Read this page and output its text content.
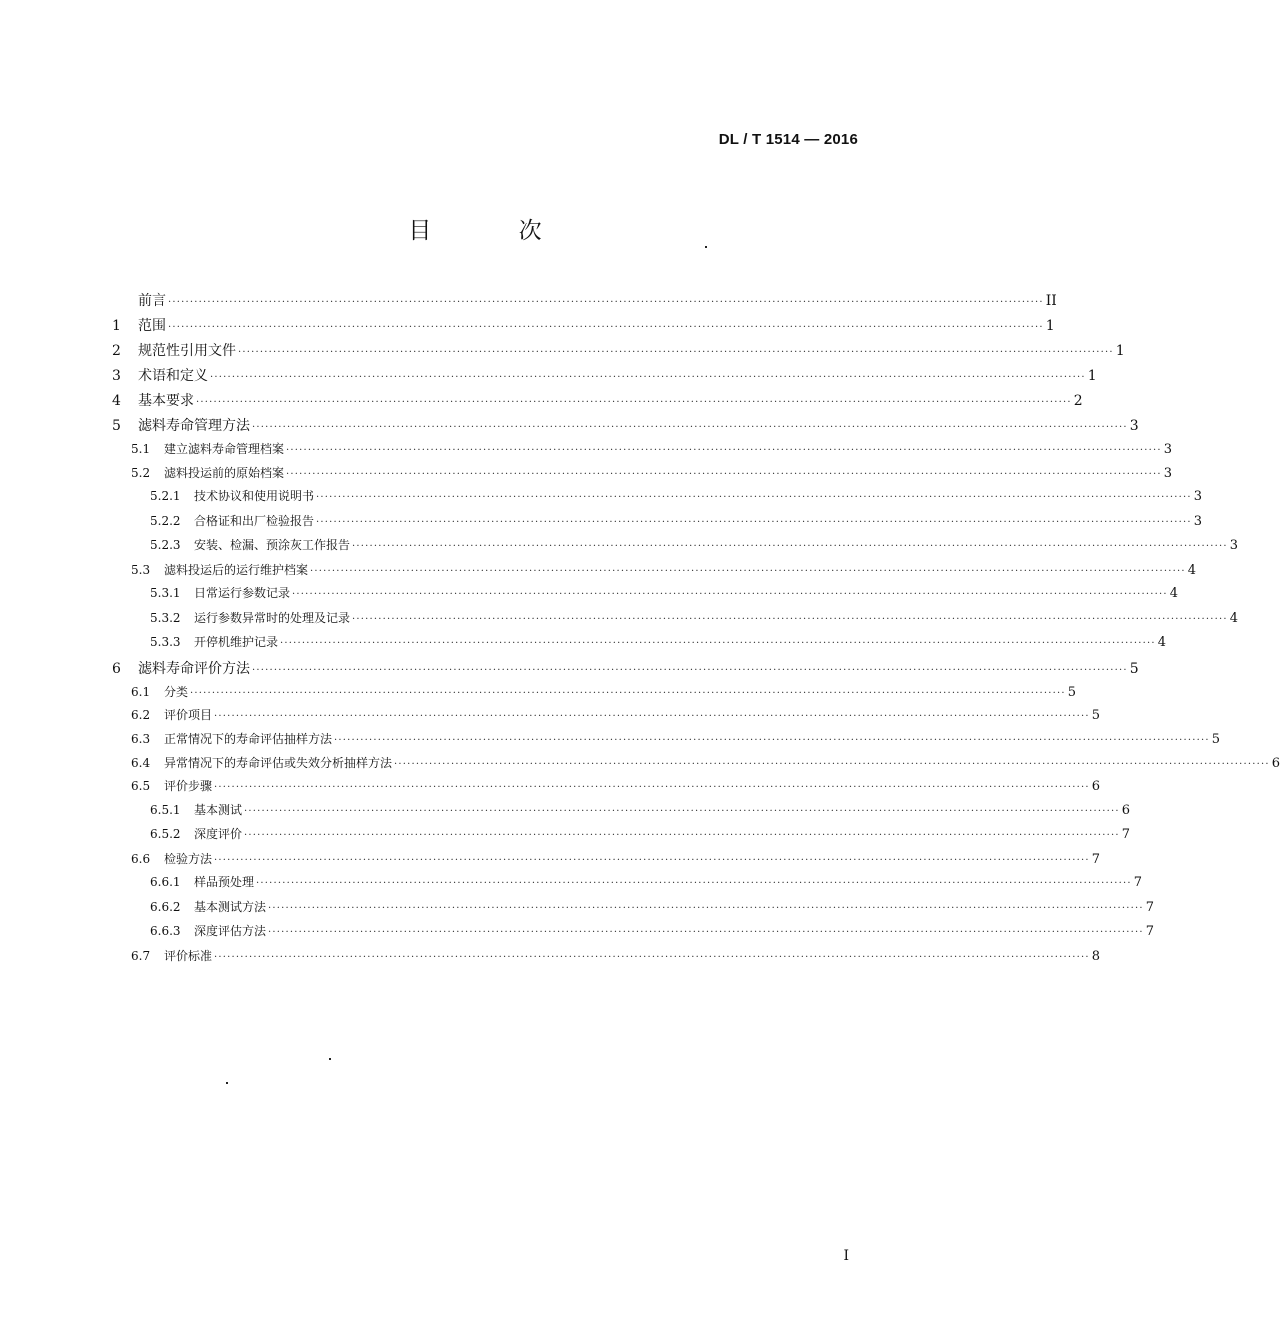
DL / T 1514 — 2016
目 次
前言 ········································································································································································································ II
1	范围 ········································································································································································································ 1
2	规范性引用文件 ········································································································································································································ 1
3	术语和定义 ········································································································································································································ 1
4	基本要求 ········································································································································································································ 2
5	滤料寿命管理方法 ········································································································································································································ 3
5.1	建立滤料寿命管理档案 ········································································································································································································ 3
5.2	滤料投运前的原始档案 ········································································································································································································ 3
5.2.1	技术协议和使用说明书 ········································································································································································································ 3
5.2.2	合格证和出厂检验报告 ········································································································································································································ 3
5.2.3	安装、检漏、预涂灰工作报告 ········································································································································································································ 3
5.3	滤料投运后的运行维护档案 ········································································································································································································ 4
5.3.1	日常运行参数记录 ········································································································································································································ 4
5.3.2	运行参数异常时的处理及记录 ········································································································································································································ 4
5.3.3	开停机维护记录 ········································································································································································································ 4
6	滤料寿命评价方法 ········································································································································································································ 5
6.1	分类 ········································································································································································································ 5
6.2	评价项目 ········································································································································································································ 5
6.3	正常情况下的寿命评估抽样方法 ········································································································································································································ 5
6.4	异常情况下的寿命评估或失效分析抽样方法 ········································································································································································································ 6
6.5	评价步骤 ········································································································································································································ 6
6.5.1	基本测试 ········································································································································································································ 6
6.5.2	深度评价 ········································································································································································································ 7
6.6	检验方法 ········································································································································································································ 7
6.6.1	样品预处理 ········································································································································································································ 7
6.6.2	基本测试方法 ········································································································································································································ 7
6.6.3	深度评估方法 ········································································································································································································ 7
6.7	评价标准 ········································································································································································································ 8
I
